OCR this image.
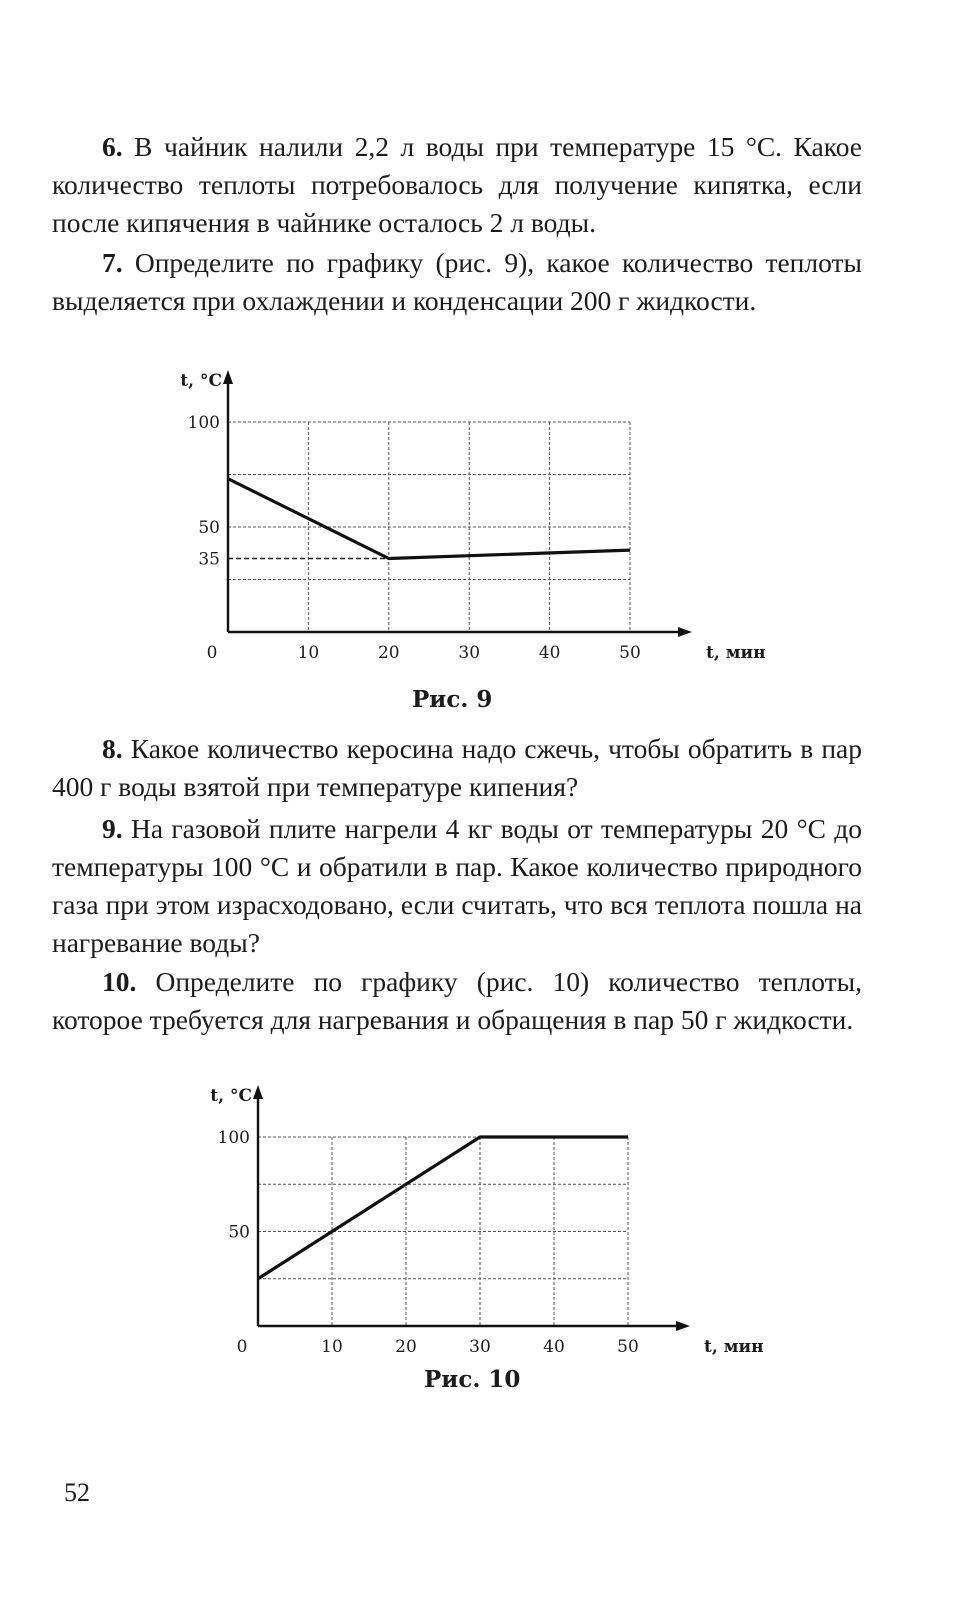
6. В чайник налили 2,2 л воды при температуре 15 °С. Какое количество теплоты потребовалось для получение кипятка, если после кипячения в чайнике осталось 2 л воды.
7. Определите по графику (рис. 9), какое количество теплоты выделяется при охлаждении и конденсации 200 г жидкости.
0	10	20	30	40	50
100
50
35
t, мин
t, °C
Рис. 9
8. Какое количество керосина надо сжечь, чтобы обратить в пар 400 г воды взятой при температуре кипения?
9. На газовой плите нагрели 4 кг воды от температуры 20 °С до температуры 100 °С и обратили в пар. Какое количество природного газа при этом израсходовано, если считать, что вся теплота пошла на нагревание воды?
10. Определите по графику (рис. 10) количество теплоты, которое требуется для нагревания и обращения в пар 50 г жидкости.
0	10	20	30	40	50
100
50
t, мин
t, °C
Рис. 10
52
